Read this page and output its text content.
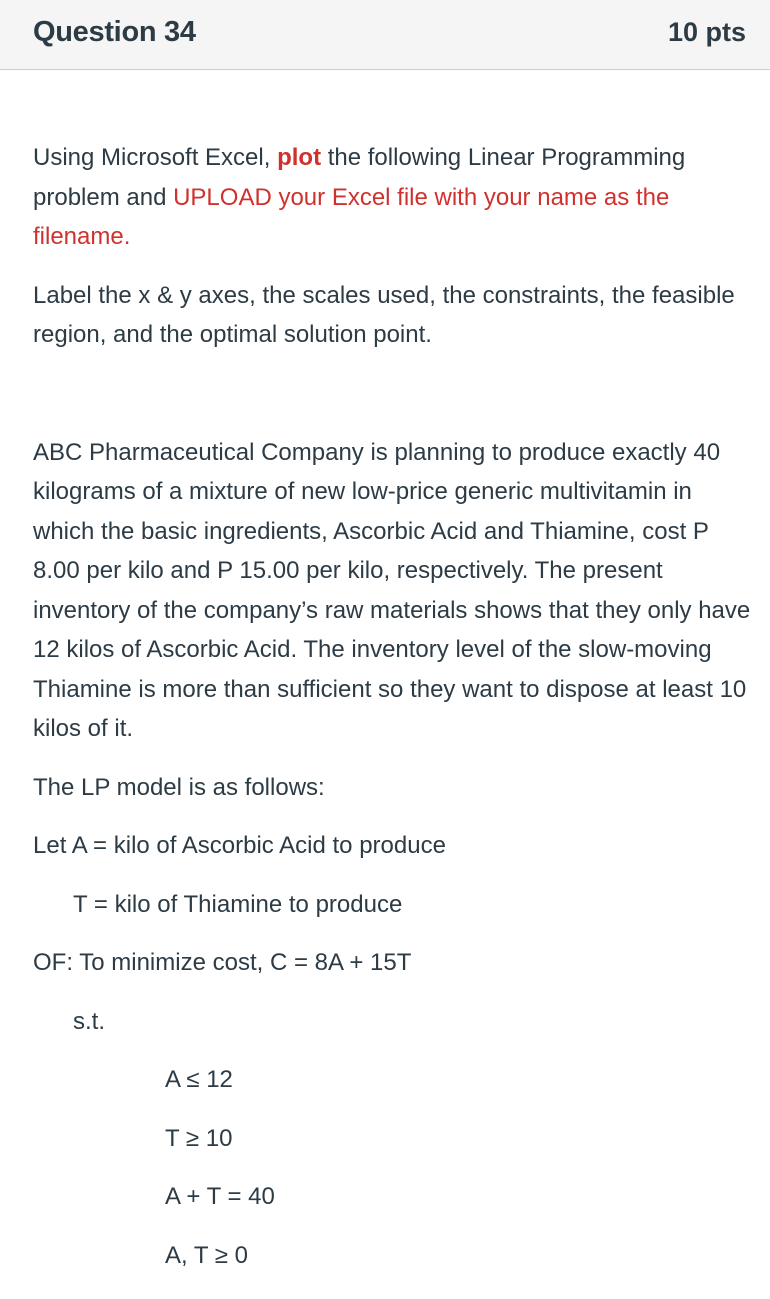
Question 34	10 pts

Using Microsoft Excel, plot the following Linear Programming problem and UPLOAD your Excel file with your name as the filename.

Label the x & y axes, the scales used, the constraints, the feasible region, and the optimal solution point.

ABC Pharmaceutical Company is planning to produce exactly 40 kilograms of a mixture of new low-price generic multivitamin in which the basic ingredients, Ascorbic Acid and Thiamine, cost P 8.00 per kilo and P 15.00 per kilo, respectively. The present inventory of the company’s raw materials shows that they only have 12 kilos of Ascorbic Acid. The inventory level of the slow-moving Thiamine is more than sufficient so they want to dispose at least 10 kilos of it.

The LP model is as follows:

Let A = kilo of Ascorbic Acid to produce

T = kilo of Thiamine to produce

OF: To minimize cost, C = 8A + 15T

s.t.

A ≤ 12

T ≥ 10

A + T = 40

A, T ≥ 0
